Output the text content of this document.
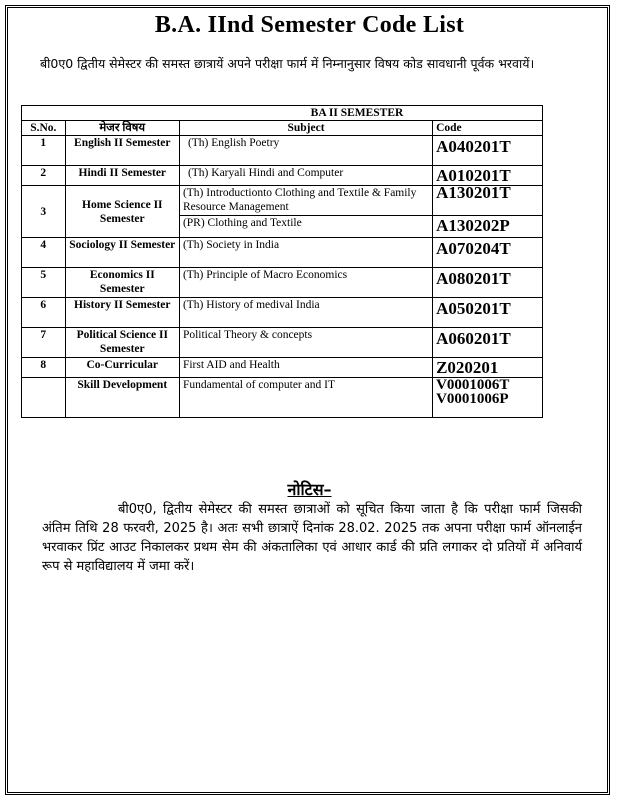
B.A. IInd Semester Code List
बी0ए0 द्वितीय सेमेस्टर की समस्त छात्रायें अपने परीक्षा फार्म में निम्नानुसार विषय कोड सावधानी पूर्वक भरवायें।
BA II SEMESTER			

S.No.	मेजर विषय	Subject	Code
1	English II Semester	(Th) English Poetry	A040201T
2	Hindi II Semester	(Th) Karyali Hindi and Computer	A010201T
3	Home Science II Semester	(Th) Introductionto Clothing and Textile & Family Resource Management	A130201T
		(PR) Clothing and Textile	A130202P
4	Sociology II Semester	(Th) Society in India	A070204T
5	Economics II Semester	(Th) Principle of Macro Economics	A080201T
6	History II Semester	(Th) History of medival India	A050201T
7	Political Science II Semester	Political Theory & concepts	A060201T
8	Co-Curricular	First AID and Health	Z020201
	Skill Development	Fundamental of computer and IT	V0001006T
V0001006P
नोटिस–
बी0ए0, द्वितीय सेमेस्टर की समस्त छात्राओं को सूचित किया जाता है कि परीक्षा फार्म जिसकी अंतिम तिथि 28 फरवरी, 2025 है। अतः सभी छात्राऐं दिनांक 28.02. 2025 तक अपना परीक्षा फार्म ऑनलाईन भरवाकर प्रिंट आउट निकालकर प्रथम सेम की अंकतालिका एवं आधार कार्ड की प्रति लगाकर दो प्रतियों में अनिवार्य रूप से महाविद्यालय में जमा करें।
